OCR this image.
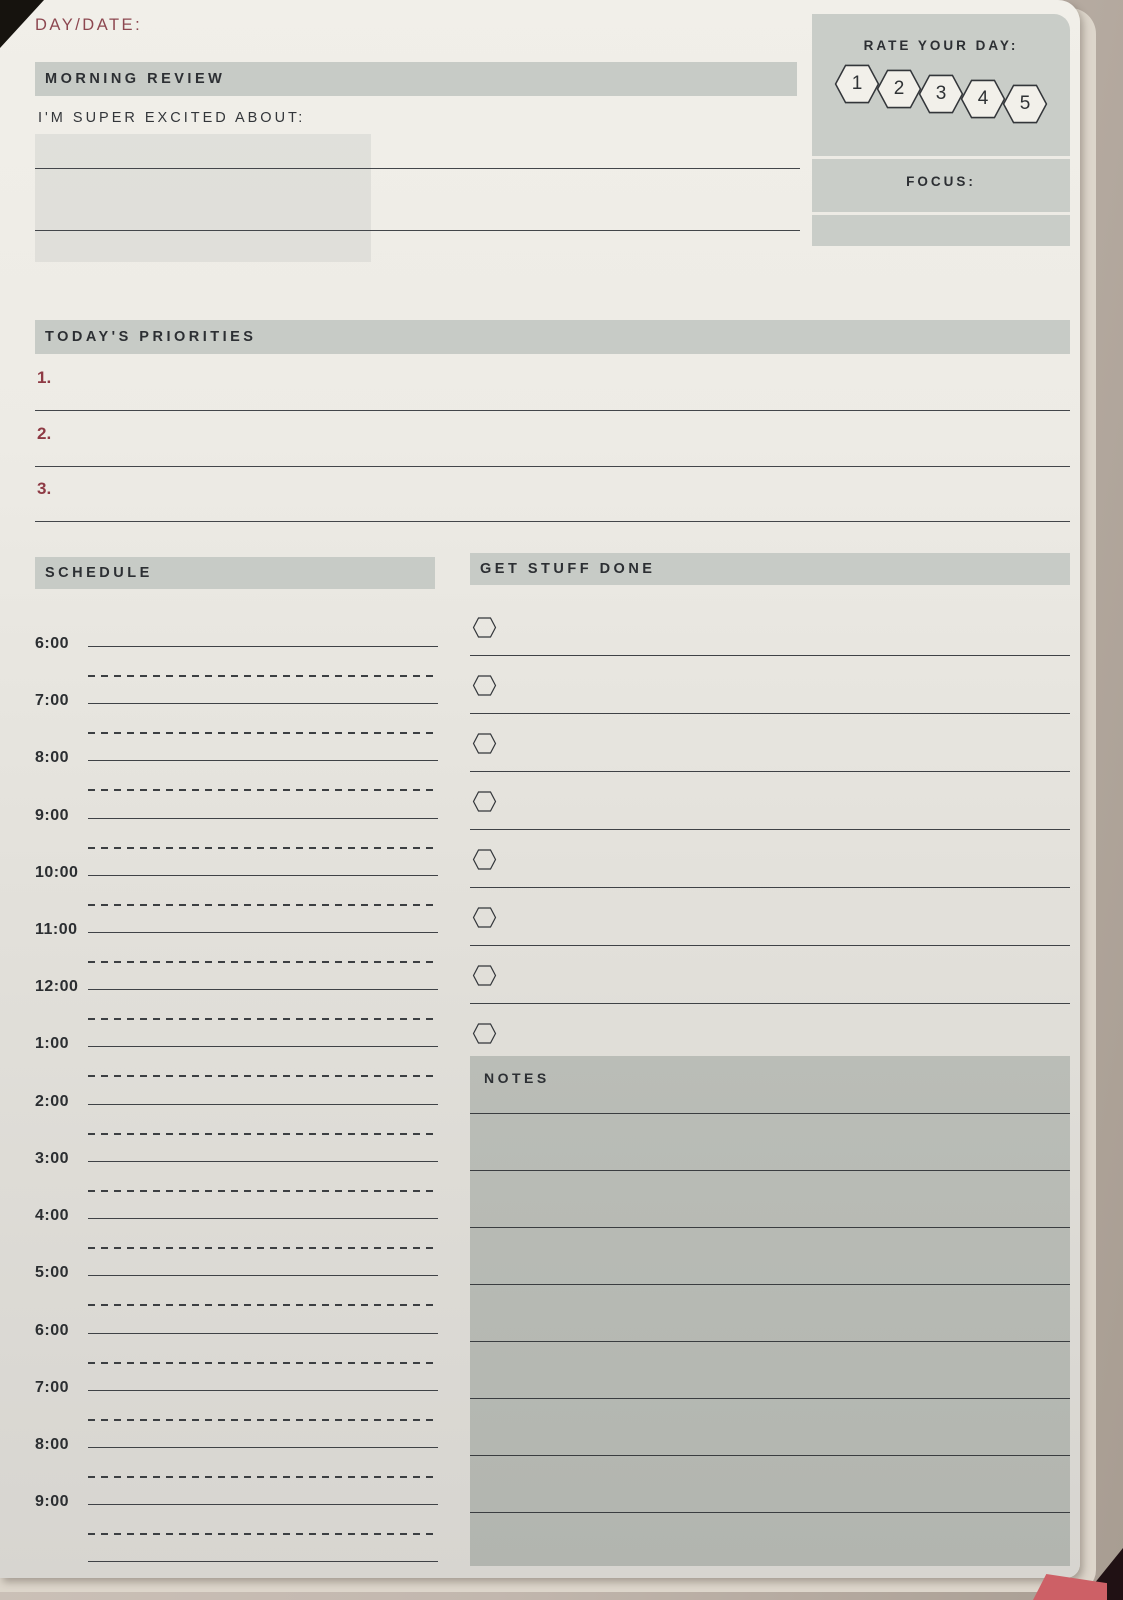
DAY/DATE:
MORNING REVIEW
I'M SUPER EXCITED ABOUT:
RATE YOUR DAY:
1	2	3	4	5
FOCUS:
TODAY'S PRIORITIES
1.
2.
3.
SCHEDULE
6:00
7:00
8:00
9:00
10:00
11:00
12:00
1:00
2:00
3:00
4:00
5:00
6:00
7:00
8:00
9:00
GET STUFF DONE
NOTES
